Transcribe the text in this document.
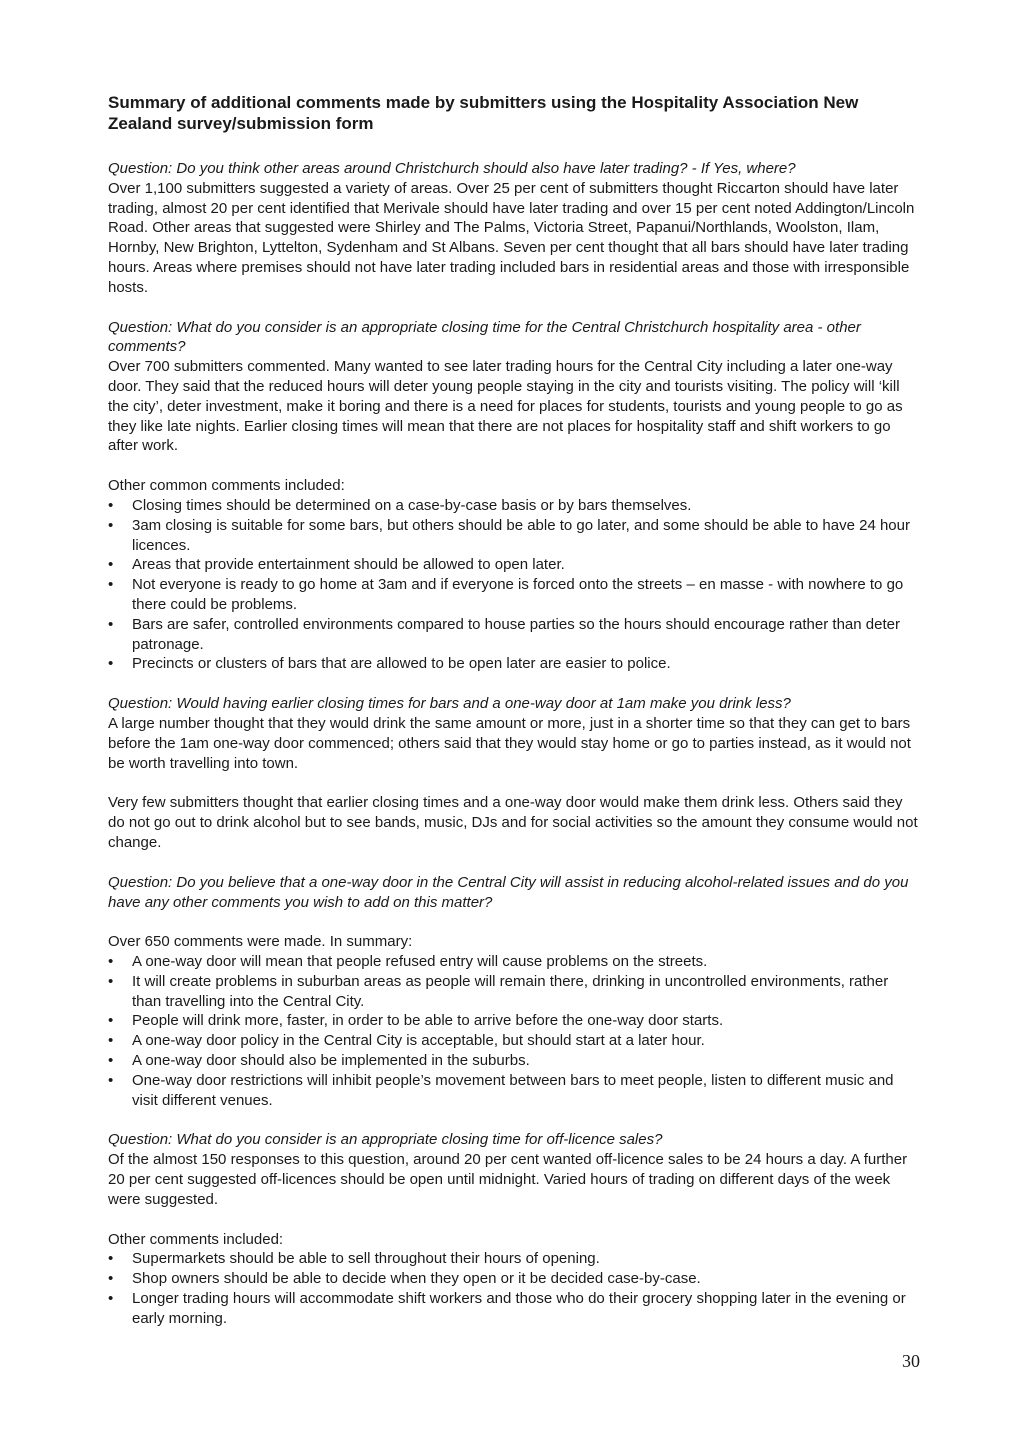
Summary of additional comments made by submitters using the Hospitality Association New Zealand survey/submission form

Question: Do you think other areas around Christchurch should also have later trading? - If Yes, where?

Over 1,100 submitters suggested a variety of areas. Over 25 per cent of submitters thought Riccarton should have later trading, almost 20 per cent identified that Merivale should have later trading and over 15 per cent noted Addington/Lincoln Road. Other areas that suggested were Shirley and The Palms, Victoria Street, Papanui/Northlands, Woolston, Ilam, Hornby, New Brighton, Lyttelton, Sydenham and St Albans. Seven per cent thought that all bars should have later trading hours. Areas where premises should not have later trading included bars in residential areas and those with irresponsible hosts.

Question: What do you consider is an appropriate closing time for the Central Christchurch hospitality area - other comments?

Over 700 submitters commented. Many wanted to see later trading hours for the Central City including a later one-way door. They said that the reduced hours will deter young people staying in the city and tourists visiting. The policy will ‘kill the city’, deter investment, make it boring and there is a need for places for students, tourists and young people to go as they like late nights. Earlier closing times will mean that there are not places for hospitality staff and shift workers to go after work.

Other common comments included:

• Closing times should be determined on a case-by-case basis or by bars themselves.
• 3am closing is suitable for some bars, but others should be able to go later, and some should be able to have 24 hour licences.
• Areas that provide entertainment should be allowed to open later.
• Not everyone is ready to go home at 3am and if everyone is forced onto the streets – en masse - with nowhere to go there could be problems.
• Bars are safer, controlled environments compared to house parties so the hours should encourage rather than deter patronage.
• Precincts or clusters of bars that are allowed to be open later are easier to police.

Question: Would having earlier closing times for bars and a one-way door at 1am make you drink less?

A large number thought that they would drink the same amount or more, just in a shorter time so that they can get to bars before the 1am one-way door commenced; others said that they would stay home or go to parties instead, as it would not be worth travelling into town.

Very few submitters thought that earlier closing times and a one-way door would make them drink less. Others said they do not go out to drink alcohol but to see bands, music, DJs and for social activities so the amount they consume would not change.

Question: Do you believe that a one-way door in the Central City will assist in reducing alcohol-related issues and do you have any other comments you wish to add on this matter?

Over 650 comments were made. In summary:

• A one-way door will mean that people refused entry will cause problems on the streets.
• It will create problems in suburban areas as people will remain there, drinking in uncontrolled environments, rather than travelling into the Central City.
• People will drink more, faster, in order to be able to arrive before the one-way door starts.
• A one-way door policy in the Central City is acceptable, but should start at a later hour.
• A one-way door should also be implemented in the suburbs.
• One-way door restrictions will inhibit people’s movement between bars to meet people, listen to different music and visit different venues.

Question: What do you consider is an appropriate closing time for off-licence sales?

Of the almost 150 responses to this question, around 20 per cent wanted off-licence sales to be 24 hours a day. A further 20 per cent suggested off-licences should be open until midnight. Varied hours of trading on different days of the week were suggested.

Other comments included:

• Supermarkets should be able to sell throughout their hours of opening.
• Shop owners should be able to decide when they open or it be decided case-by-case.
• Longer trading hours will accommodate shift workers and those who do their grocery shopping later in the evening or early morning.
30
